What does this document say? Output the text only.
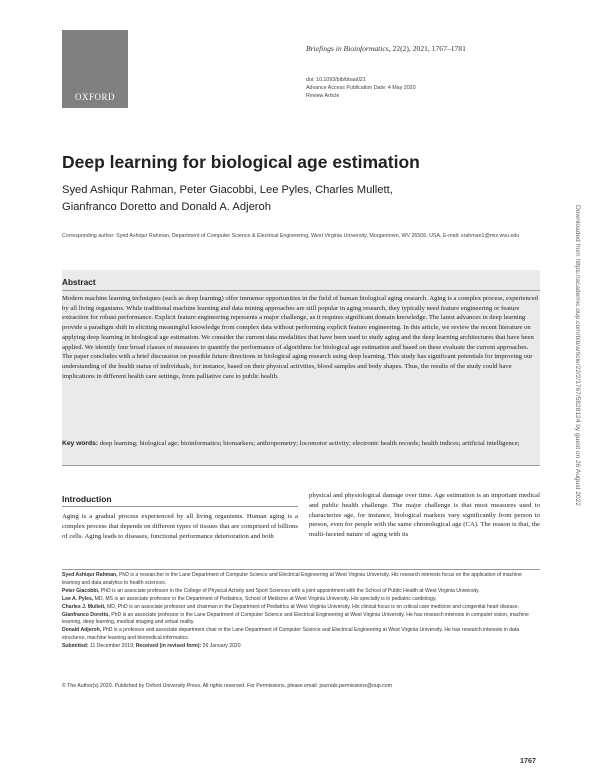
OXFORD
Briefings in Bioinformatics, 22(2), 2021, 1767–1781
doi: 10.1093/bib/bbaa021
Advance Access Publication Date: 4 May 2020
Review Article
Deep learning for biological age estimation
Syed Ashiqur Rahman, Peter Giacobbi, Lee Pyles, Charles Mullett,
Gianfranco Doretto and Donald A. Adjeroh
Corresponding author: Syed Ashiqur Rahman, Department of Computer Science & Electrical Engineering, West Virginia University, Morgantown, WV 26506, USA. E-mail: srahman1@mix.wvu.edu
Abstract
Modern machine learning techniques (such as deep learning) offer immense opportunities in the field of human biological aging research. Aging is a complex process, experienced by all living organisms. While traditional machine learning and data mining approaches are still popular in aging research, they typically need feature engineering or feature extraction for robust performance. Explicit feature engineering represents a major challenge, as it requires significant domain knowledge. The latest advances in deep learning provide a paradigm shift in eliciting meaningful knowledge from complex data without performing explicit feature engineering. In this article, we review the recent literature on applying deep learning in biological age estimation. We consider the current data modalities that have been used to study aging and the deep learning architectures that have been applied. We identify four broad classes of measures to quantify the performance of algorithms for biological age estimation and based on these evaluate the current approaches. The paper concludes with a brief discussion on possible future directions in biological aging research using deep learning. This study has significant potentials for improving our understanding of the health status of individuals, for instance, based on their physical activities, blood samples and body shapes. Thus, the results of the study could have implications in different health care settings, from palliative care to public health.
Key words: deep learning; biological age; bioinformatics; biomarkers; anthropometry; locomotor activity; electronic health records; health indices; artificial intelligence;
Introduction
Aging is a gradual process experienced by all living organisms. Human aging is a complex process that depends on different types of tissues that are comprised of billions of cells. Aging leads to diseases, functional performance deterioration and both
physical and physiological damage over time. Age estimation is an important medical and public health challenge. The major challenge is that most measures used to characterize age, for instance, biological markers vary significantly from person to person, even for people with the same chronological age (CA). The reason is that, the multi-faceted nature of aging with its

Syed Ashiqur Rahman, PhD is a researcher in the Lane Department of Computer Science and Electrical Engineering at West Virginia University. His research interests focus on the application of machine learning and data analytics to health sciences.

Peter Giacobbi, PhD is an associate professor in the College of Physical Activity and Sport Sciences with a joint appointment with the School of Public Health at West Virginia University.

Lee A. Pyles, MD, MS is an associate professor in the Department of Pediatrics, School of Medicine at West Virginia University. His specialty is in pediatric cardiology.

Charles J. Mullett, MD, PhD is an associate professor and chairman in the Department of Pediatrics at West Virginia University. His clinical focus is on critical care medicine and congenital heart disease.

Gianfranco Doretto, PhD is an associate professor in the Lane Department of Computer Science and Electrical Engineering at West Virginia University. He has research interests in computer vision, machine learning, deep learning, medical imaging and virtual reality.

Donald Adjeroh, PhD is a professor and associate department chair in the Lane Department of Computer Science and Electrical Engineering at West Virginia University. He has research interests in data structures, machine learning and biomedical informatics.

Submitted: 11 December 2019; Received (in revised form): 26 January 2020

© The Author(s) 2020. Published by Oxford University Press. All rights reserved. For Permissions, please email: journals.permissions@oup.com
1767
Downloaded from https://academic.oup.com/bib/article/22/2/1767/5828124 by guest on 26 August 2022
